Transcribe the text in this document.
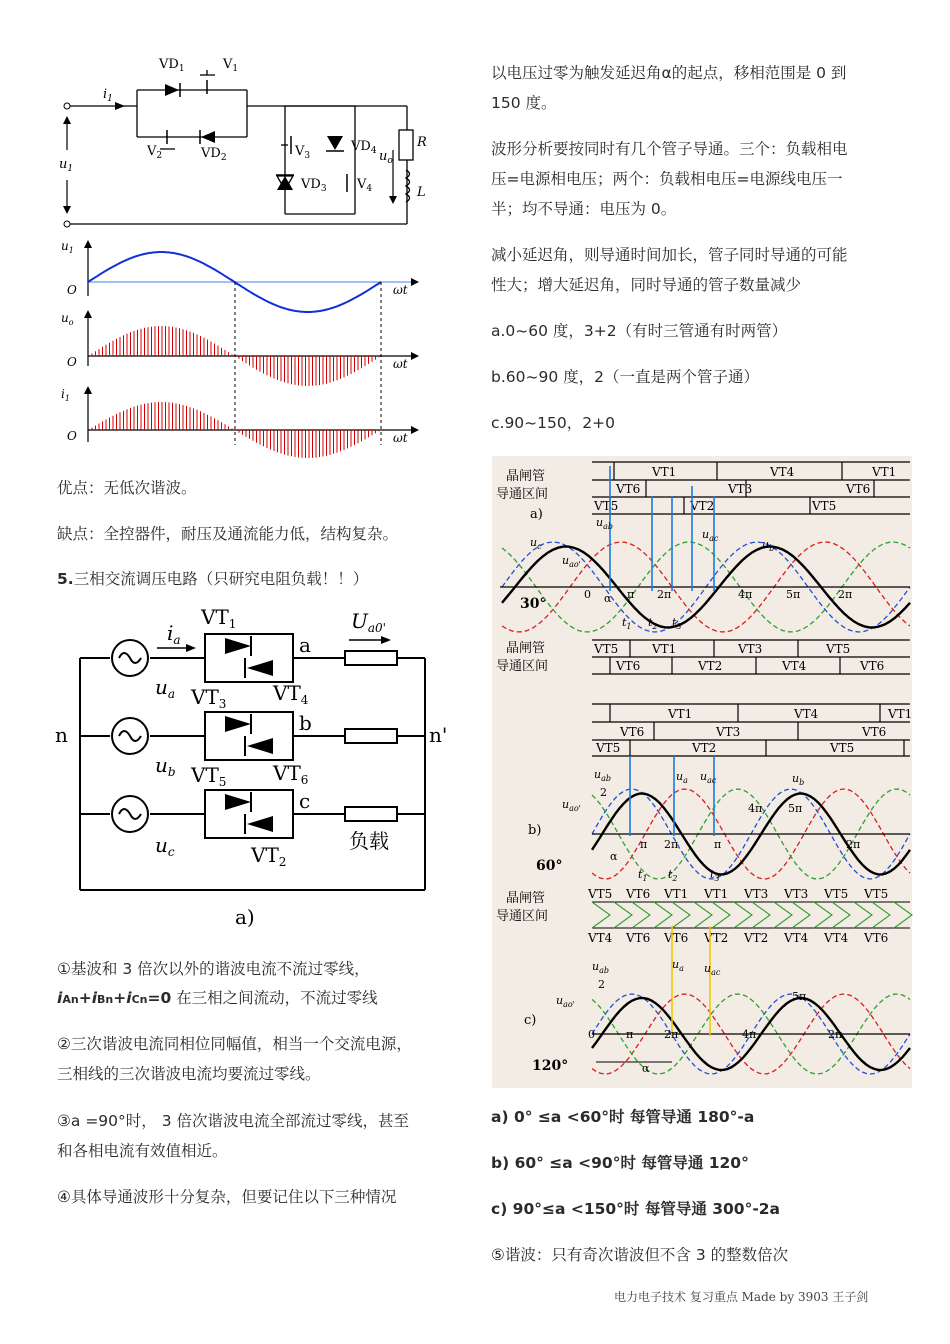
$VD_1$	$V_1$
$V_2$	$VD_2$	$V_3$
$VD_4$
$VD_3$ $V_4$
$i_1$
$u_1$
$u_o$
R
L
$u_1$
O	ωt
$u_o$
O	ωt
$i_1$
O	ωt

优点：无低次谐波。

缺点：全控器件，耐压及通流能力低，结构复杂。

5.三相交流调压电路（只研究电阻负载！！）

$i_a$
$VT_1$
a
$U_{a0'}$
$u_a$ $VT_3$ $VT_4$
b
n	n'
$u_b$ $VT_5$ $VT_6$
c
负载
$u_c$	$VT_2$
a)

①基波和 3 倍次以外的谐波电流不流过零线，

iAn+iBn+iCn=0 在三相之间流动，不流过零线

②三次谐波电流同相位同幅值，相当一个交流电源，

三相线的三次谐波电流均要流过零线。

③a =90°时， 3 倍次谐波电流全部流过零线，甚至

和各相电流有效值相近。

④具体导通波形十分复杂，但要记住以下三种情况

以电压过零为触发延迟角α的起点，移相范围是 0 到

150 度。

波形分析要按同时有几个管子导通。三个：负载相电

压=电源相电压；两个：负载相电压=电源线电压一

半；均不导通：电压为 0。

减小延迟角，则导通时间加长，管子同时导通的可能

性大；增大延迟角，同时导通的管子数量减少

a.0~60 度，3+2（有时三管通有时两管）

b.60~90 度，2（一直是两个管子通）

c.90~150，2+0

晶闸管
导通区间
a)
30°
VT1	VT4	VT1
VT6	VT3	VT6
VT5	VT2	VT5
$u_{ab}$
$u_c$
$u_{ao'}$
$u_{ac}$	$u_b$
α
0	π 2π	4π	5π	2π
$t_1$ $t_2$ $t_3$
晶闸管
导通区间
VT5	VT1	VT3	VT5
VT6	VT2	VT4	VT6
VT1	VT4	VT1
VT6	VT3	VT6
VT5	VT2	VT5
b)
60°
$u_{ab}$
2
$u_{ao'}$
$u_a$ $u_{ac}$	$u_b$
4π 5π
π 2π	π	2π
α
$t_1$ $t_2$	$t_3$
晶闸管
导通区间
c)
120°
VT5 VT6 VT1 VT1 VT3 VT3 VT5 VT5
VT4 VT6 VT6 VT2 VT2 VT4 VT4 VT6
$u_{ab}$
2
$u_{ao'}$
$u_a$ $u_{ac}$
5π
0	π	2π	4π	2π
α

a) 0° ≤a <60°时 每管导通 180°-a

b) 60° ≤a <90°时 每管导通 120°

c) 90°≤a <150°时 每管导通 300°-2a

⑤谐波：只有奇次谐波但不含 3 的整数倍次

电力电子技术 复习重点 Made by 3903 王子剑
